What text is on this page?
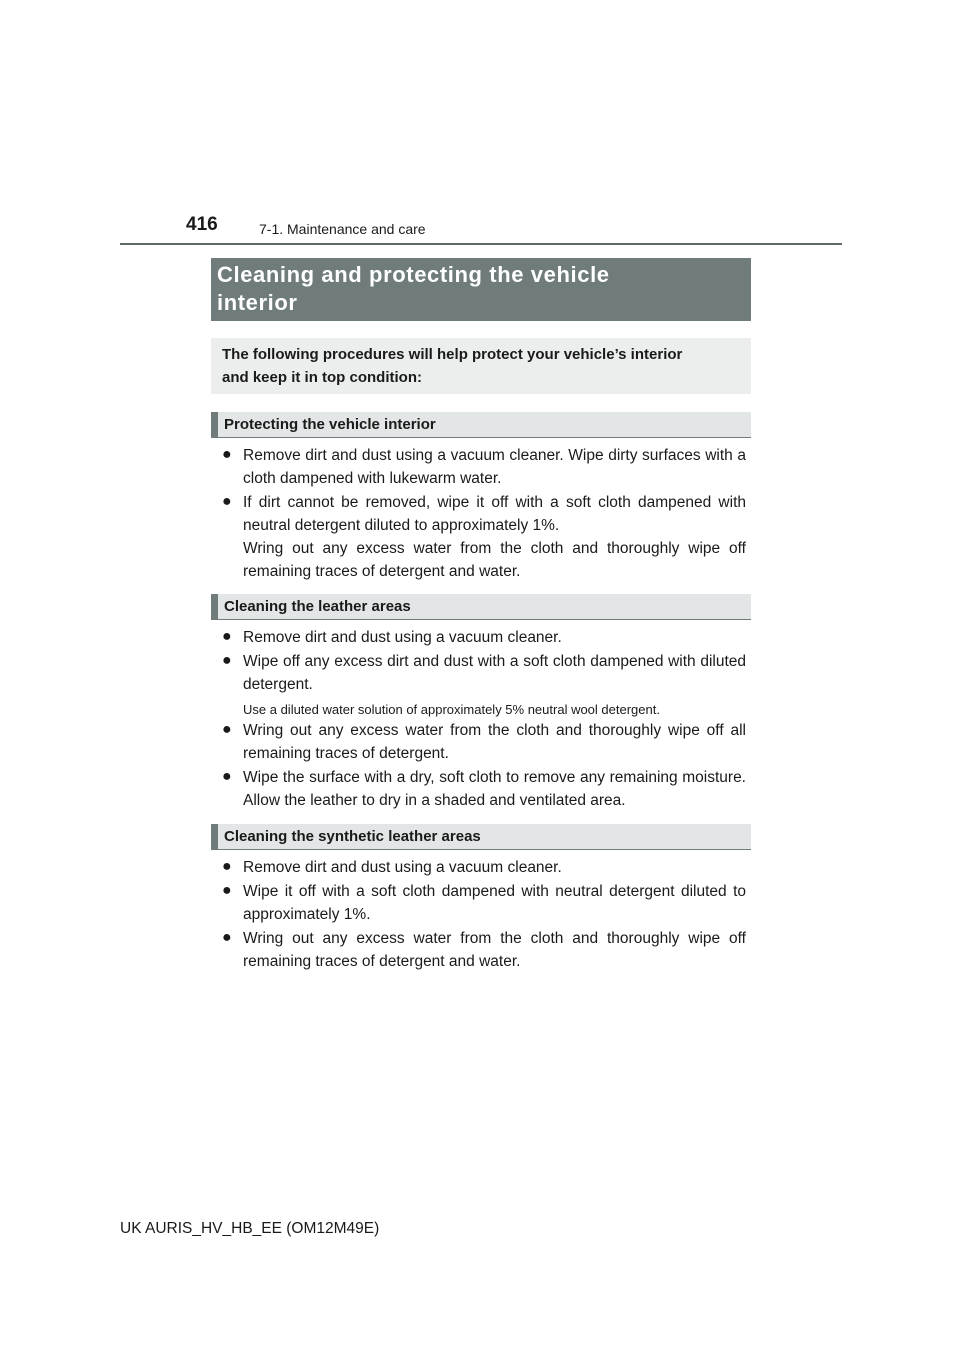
416	7-1. Maintenance and care
Cleaning and protecting the vehicle
interior
The following procedures will help protect your vehicle’s interior
and keep it in top condition:
Protecting the vehicle interior
● Remove dirt and dust using a vacuum cleaner. Wipe dirty surfaces with a cloth dampened with lukewarm water.

● If dirt cannot be removed, wipe it off with a soft cloth dampened with neutral detergent diluted to approximately 1%.

Wring out any excess water from the cloth and thoroughly wipe off remaining traces of detergent and water.

Cleaning the leather areas
● Remove dirt and dust using a vacuum cleaner.

● Wipe off any excess dirt and dust with a soft cloth dampened with diluted detergent.

Use a diluted water solution of approximately 5% neutral wool detergent.
● Wring out any excess water from the cloth and thoroughly wipe off all remaining traces of detergent.

● Wipe the surface with a dry, soft cloth to remove any remaining moisture. Allow the leather to dry in a shaded and ventilated area.

Cleaning the synthetic leather areas
● Remove dirt and dust using a vacuum cleaner.

● Wipe it off with a soft cloth dampened with neutral detergent diluted to approximately 1%.

● Wring out any excess water from the cloth and thoroughly wipe off remaining traces of detergent and water.

UK AURIS_HV_HB_EE (OM12M49E)
